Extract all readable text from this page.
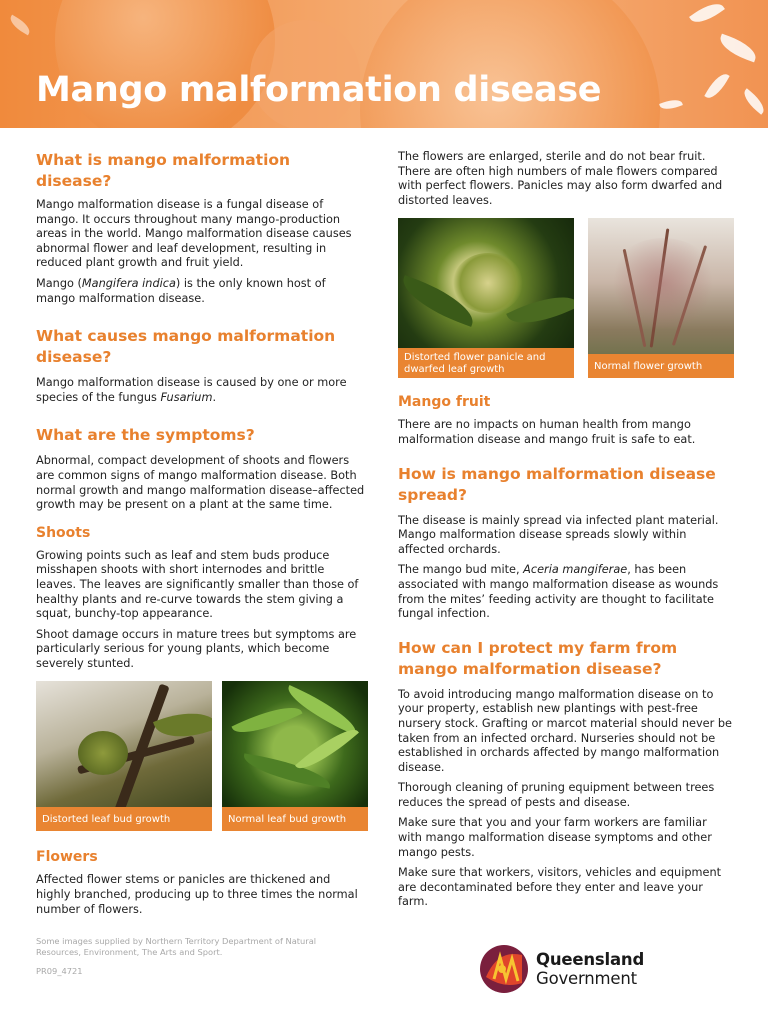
Mango malformation disease
What is mango malformation disease?

Mango malformation disease is a fungal disease of mango. It occurs throughout many mango-production areas in the world. Mango malformation disease causes abnormal flower and leaf development, resulting in reduced plant growth and fruit yield.

Mango (Mangifera indica) is the only known host of mango malformation disease.

What causes mango malformation disease?

Mango malformation disease is caused by one or more species of the fungus Fusarium.

What are the symptoms?

Abnormal, compact development of shoots and flowers are common signs of mango malformation disease. Both normal growth and mango malformation disease–affected growth may be present on a plant at the same time.

Shoots

Growing points such as leaf and stem buds produce misshapen shoots with short internodes and brittle leaves. The leaves are significantly smaller than those of healthy plants and re-curve towards the stem giving a squat, bunchy-top appearance.

Shoot damage occurs in mature trees but symptoms are particularly serious for young plants, which become severely stunted.

Distorted leaf bud growth	Normal leaf bud growth
Flowers

Affected flower stems or panicles are thickened and highly branched, producing up to three times the normal number of flowers.

The flowers are enlarged, sterile and do not bear fruit. There are often high numbers of male flowers compared with perfect flowers. Panicles may also form dwarfed and distorted leaves.

Distorted flower panicle and dwarfed leaf growth	Normal flower growth
Mango fruit

There are no impacts on human health from mango malformation disease and mango fruit is safe to eat.

How is mango malformation disease spread?

The disease is mainly spread via infected plant material. Mango malformation disease spreads slowly within affected orchards.

The mango bud mite, Aceria mangiferae, has been associated with mango malformation disease as wounds from the mites’ feeding activity are thought to facilitate fungal infection.

How can I protect my farm from mango malformation disease?

To avoid introducing mango malformation disease on to your property, establish new plantings with pest-free nursery stock. Grafting or marcot material should never be taken from an infected orchard. Nurseries should not be established in orchards affected by mango malformation disease.

Thorough cleaning of pruning equipment between trees reduces the spread of pests and disease.

Make sure that you and your farm workers are familiar with mango malformation disease symptoms and other mango pests.

Make sure that workers, visitors, vehicles and equipment are decontaminated before they enter and leave your farm.

Some images supplied by Northern Territory Department of Natural Resources, Environment, The Arts and Sport.

PR09_4721
Queensland Government
